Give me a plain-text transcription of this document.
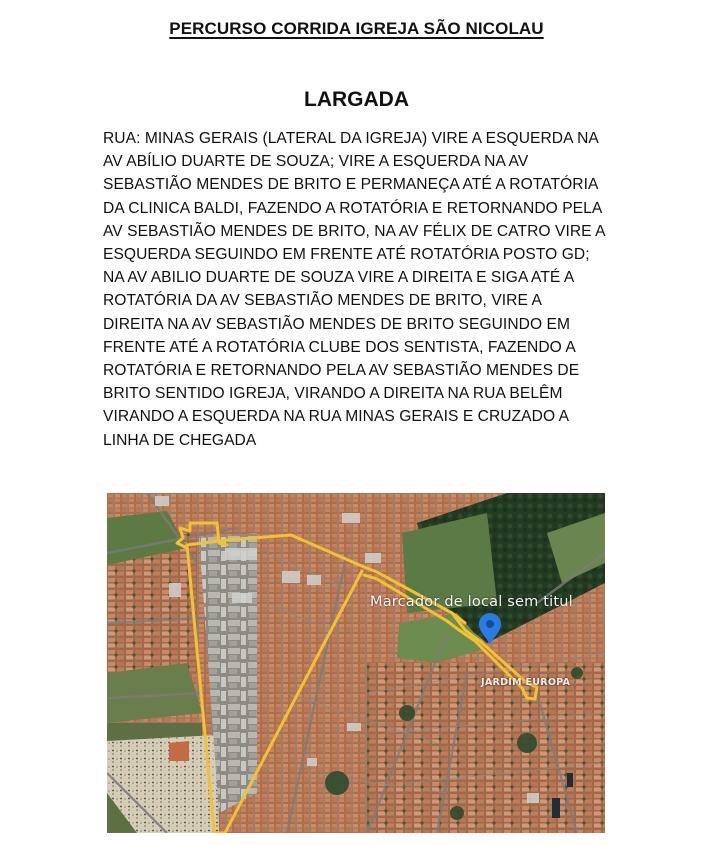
PERCURSO CORRIDA IGREJA SÃO NICOLAU
LARGADA
RUA: MINAS GERAIS (LATERAL DA IGREJA) VIRE A ESQUERDA NA
AV ABÍLIO DUARTE DE SOUZA; VIRE A ESQUERDA NA AV
SEBASTIÃO MENDES DE BRITO E PERMANEÇA ATÉ A ROTATÓRIA
DA CLINICA BALDI, FAZENDO A ROTATÓRIA E RETORNANDO PELA
AV SEBASTIÃO MENDES DE BRITO, NA AV FÉLIX DE CATRO VIRE A
ESQUERDA SEGUINDO EM FRENTE ATÉ ROTATÓRIA POSTO GD;
NA AV ABILIO DUARTE DE SOUZA VIRE A DIREITA E SIGA ATÉ A
ROTATÓRIA DA AV SEBASTIÃO MENDES DE BRITO, VIRE A
DIREITA NA AV SEBASTIÃO MENDES DE BRITO SEGUINDO EM
FRENTE ATÉ A ROTATÓRIA CLUBE DOS SENTISTA, FAZENDO A
ROTATÓRIA E RETORNANDO PELA AV SEBASTIÃO MENDES DE
BRITO SENTIDO IGREJA, VIRANDO A DIREITA NA RUA BELÊM
VIRANDO A ESQUERDA NA RUA MINAS GERAIS E CRUZADO A
LINHA DE CHEGADA
Marcador de local sem titul
JARDIM EUROPA
